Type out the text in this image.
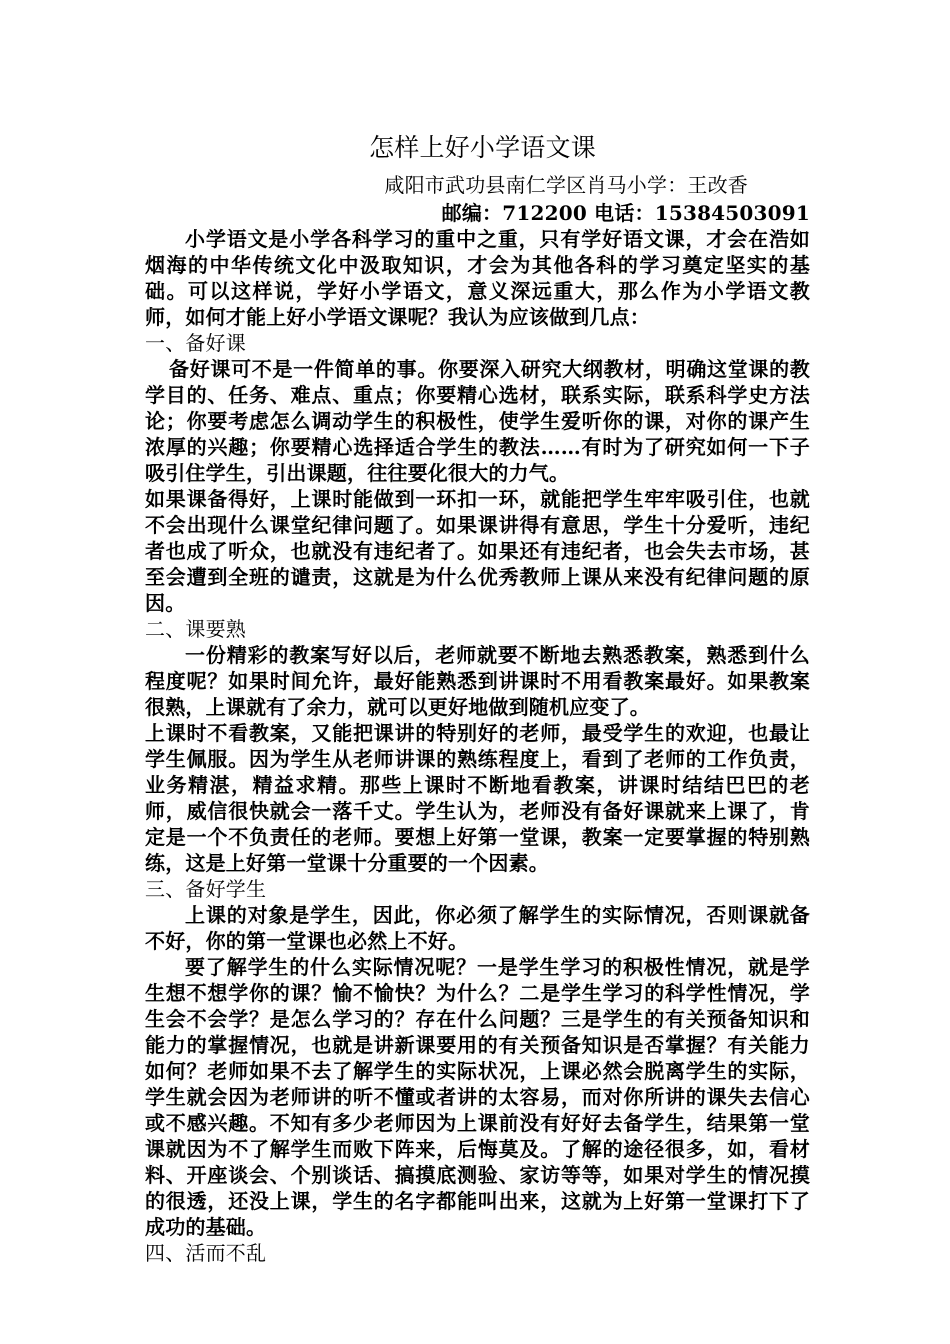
怎样上好小学语文课
咸阳市武功县南仁学区肖马小学：王改香
邮编：712200 电话：15384503091

小学语文是小学各科学习的重中之重，只有学好语文课，才会在浩如烟海的中华传统文化中汲取知识，才会为其他各科的学习奠定坚实的基础。可以这样说，学好小学语文，意义深远重大，那么作为小学语文教师，如何才能上好小学语文课呢？我认为应该做到几点：

一、备好课

备好课可不是一件简单的事。你要深入研究大纲教材，明确这堂课的教学目的、任务、难点、重点；你要精心选材，联系实际，联系科学史方法论；你要考虑怎么调动学生的积极性，使学生爱听你的课，对你的课产生浓厚的兴趣；你要精心选择适合学生的教法……有时为了研究如何一下子吸引住学生，引出课题，往往要化很大的力气。

如果课备得好，上课时能做到一环扣一环，就能把学生牢牢吸引住，也就不会出现什么课堂纪律问题了。如果课讲得有意思，学生十分爱听，违纪者也成了听众，也就没有违纪者了。如果还有违纪者，也会失去市场，甚至会遭到全班的谴责，这就是为什么优秀教师上课从来没有纪律问题的原因。

二、课要熟

一份精彩的教案写好以后，老师就要不断地去熟悉教案，熟悉到什么程度呢？如果时间允许，最好能熟悉到讲课时不用看教案最好。如果教案很熟，上课就有了余力，就可以更好地做到随机应变了。

上课时不看教案，又能把课讲的特别好的老师，最受学生的欢迎，也最让学生佩服。因为学生从老师讲课的熟练程度上，看到了老师的工作负责，业务精湛，精益求精。那些上课时不断地看教案，讲课时结结巴巴的老师，威信很快就会一落千丈。学生认为，老师没有备好课就来上课了，肯定是一个不负责任的老师。要想上好第一堂课，教案一定要掌握的特别熟练，这是上好第一堂课十分重要的一个因素。

三、备好学生

上课的对象是学生，因此，你必须了解学生的实际情况，否则课就备不好，你的第一堂课也必然上不好。

要了解学生的什么实际情况呢？一是学生学习的积极性情况，就是学生想不想学你的课？愉不愉快？为什么？二是学生学习的科学性情况，学生会不会学？是怎么学习的？存在什么问题？三是学生的有关预备知识和能力的掌握情况，也就是讲新课要用的有关预备知识是否掌握？有关能力如何？老师如果不去了解学生的实际状况，上课必然会脱离学生的实际，学生就会因为老师讲的听不懂或者讲的太容易，而对你所讲的课失去信心或不感兴趣。不知有多少老师因为上课前没有好好去备学生，结果第一堂课就因为不了解学生而败下阵来，后悔莫及。了解的途径很多，如，看材料、开座谈会、个别谈话、搞摸底测验、家访等等，如果对学生的情况摸的很透，还没上课，学生的名字都能叫出来，这就为上好第一堂课打下了成功的基础。

四、活而不乱
